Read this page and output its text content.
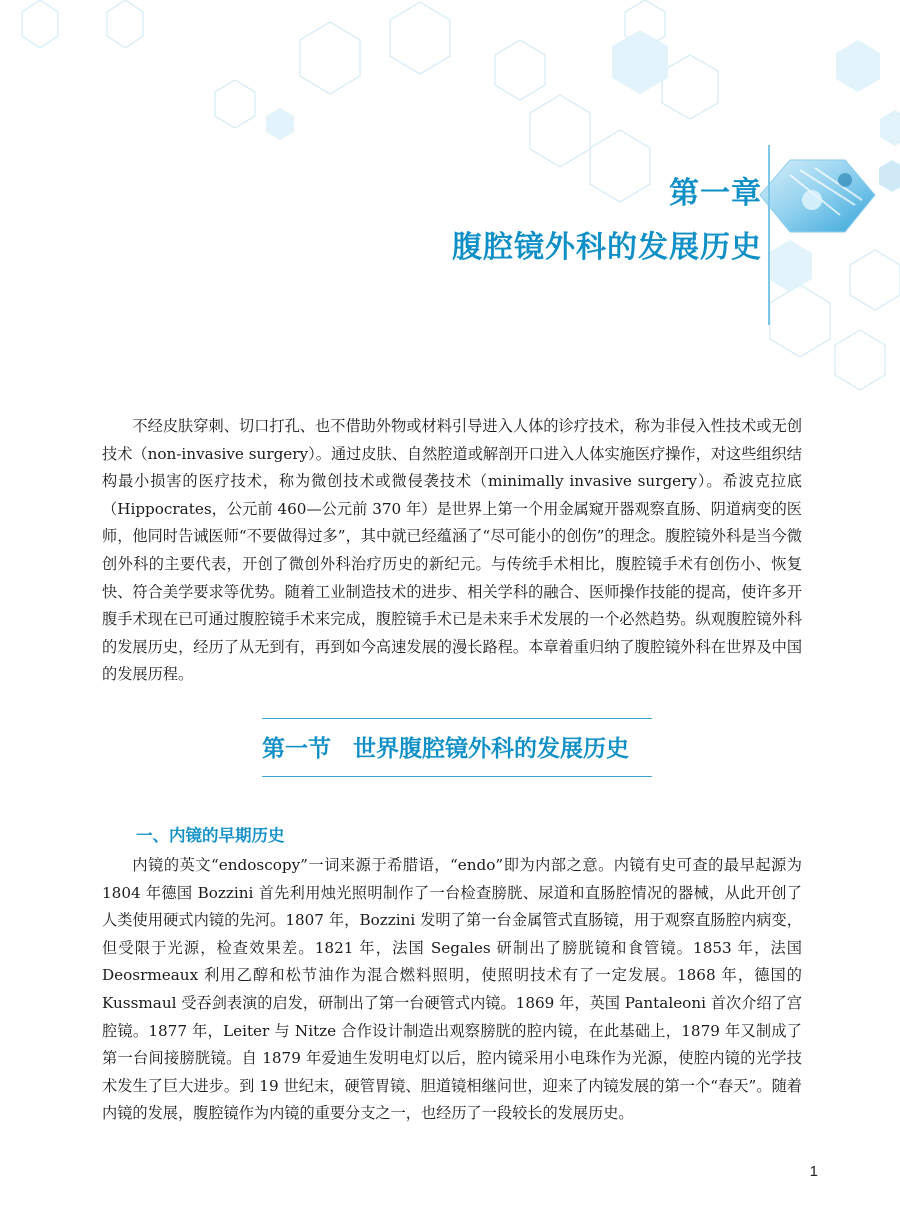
第一章
腹腔镜外科的发展历史

不经皮肤穿刺、切口打孔、也不借助外物或材料引导进入人体的诊疗技术，称为非侵入性技术或无创技术（non-invasive surgery）。通过皮肤、自然腔道或解剖开口进入人体实施医疗操作，对这些组织结构最小损害的医疗技术，称为微创技术或微侵袭技术（minimally invasive surgery）。希波克拉底（Hippocrates，公元前 460—公元前 370 年）是世界上第一个用金属窥开器观察直肠、阴道病变的医师，他同时告诫医师“不要做得过多”，其中就已经蕴涵了“尽可能小的创伤”的理念。腹腔镜外科是当今微创外科的主要代表，开创了微创外科治疗历史的新纪元。与传统手术相比，腹腔镜手术有创伤小、恢复快、符合美学要求等优势。随着工业制造技术的进步、相关学科的融合、医师操作技能的提高，使许多开腹手术现在已可通过腹腔镜手术来完成，腹腔镜手术已是未来手术发展的一个必然趋势。纵观腹腔镜外科的发展历史，经历了从无到有，再到如今高速发展的漫长路程。本章着重归纳了腹腔镜外科在世界及中国的发展历程。

第一节 世界腹腔镜外科的发展历史
一、内镜的早期历史

内镜的英文“endoscopy”一词来源于希腊语，“endo”即为内部之意。内镜有史可查的最早起源为 1804 年德国 Bozzini 首先利用烛光照明制作了一台检查膀胱、尿道和直肠腔情况的器械，从此开创了人类使用硬式内镜的先河。1807 年，Bozzini 发明了第一台金属管式直肠镜，用于观察直肠腔内病变，但受限于光源，检查效果差。1821 年，法国 Segales 研制出了膀胱镜和食管镜。1853 年，法国 Deosrmeaux 利用乙醇和松节油作为混合燃料照明，使照明技术有了一定发展。1868 年，德国的 Kussmaul 受吞剑表演的启发，研制出了第一台硬管式内镜。1869 年，英国 Pantaleoni 首次介绍了宫腔镜。1877 年，Leiter 与 Nitze 合作设计制造出观察膀胱的腔内镜，在此基础上，1879 年又制成了第一台间接膀胱镜。自 1879 年爱迪生发明电灯以后，腔内镜采用小电珠作为光源，使腔内镜的光学技术发生了巨大进步。到 19 世纪末，硬管胃镜、胆道镜相继问世，迎来了内镜发展的第一个“春天”。随着内镜的发展，腹腔镜作为内镜的重要分支之一，也经历了一段较长的发展历史。

1
